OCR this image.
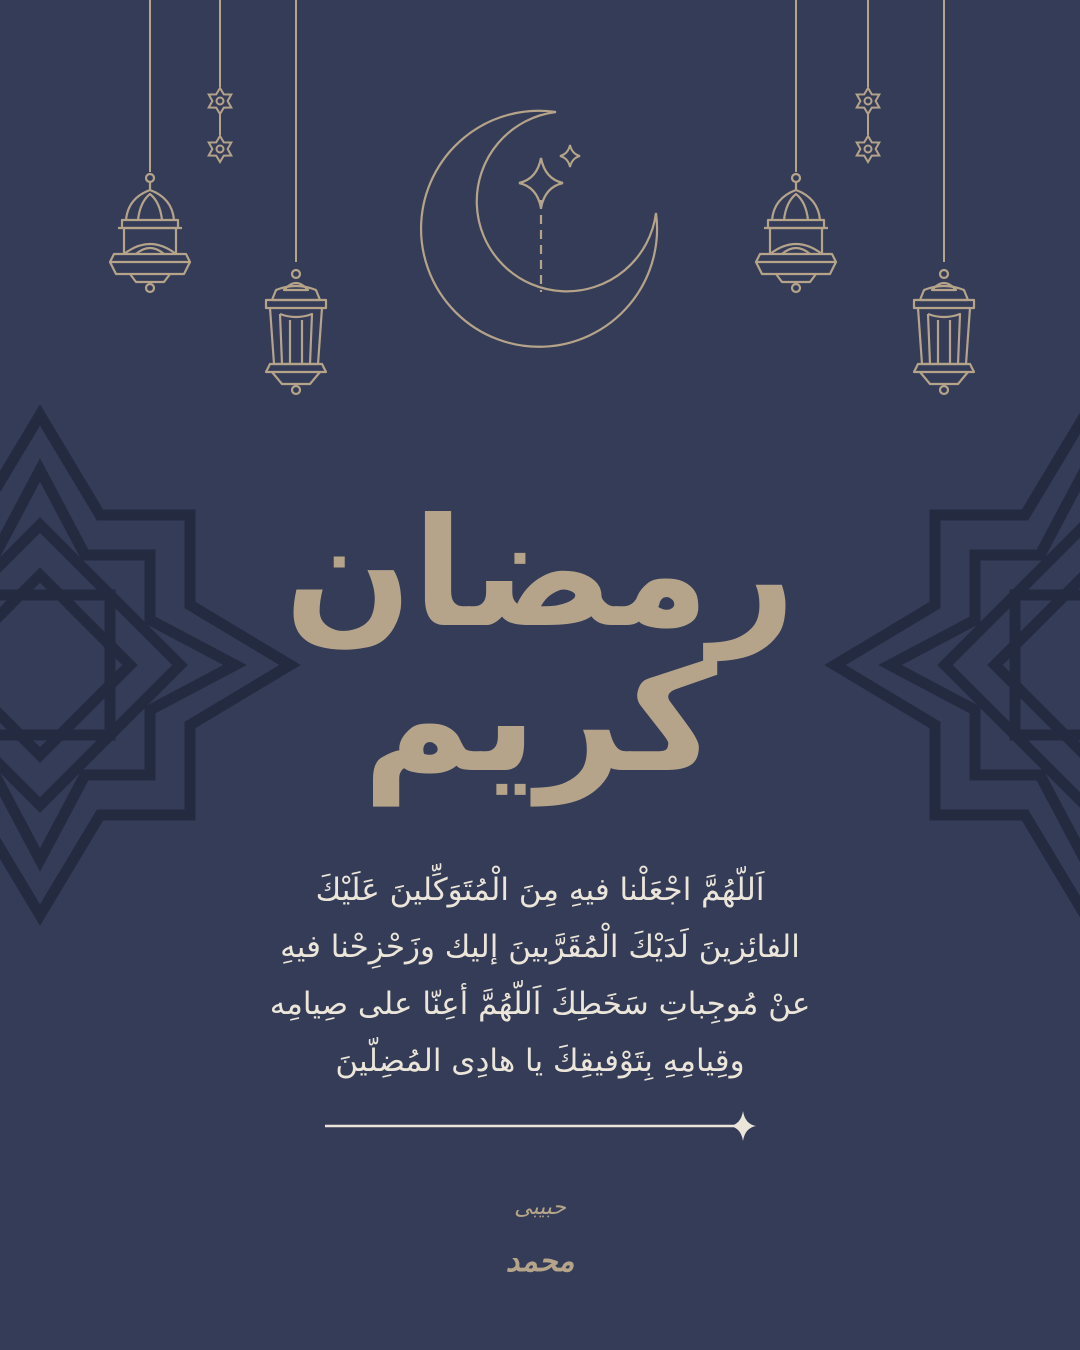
رمضان
كريم
اَللّهُمَّ اجْعَلْنا فيهِ مِنَ الْمُتَوَكِّلينَ عَلَيْكَ
الفائِزينَ لَدَيْكَ الْمُقَرَّبينَ إليك وزَحْزِحْنا فيهِ
عنْ مُوجِباتِ سَخَطِكَ اَللّهُمَّ أعِنّا على صِيامِه
وقِيامِهِ بِتَوْفيقِكَ يا هادِى المُضِلّينَ
حبيبى
محمد
